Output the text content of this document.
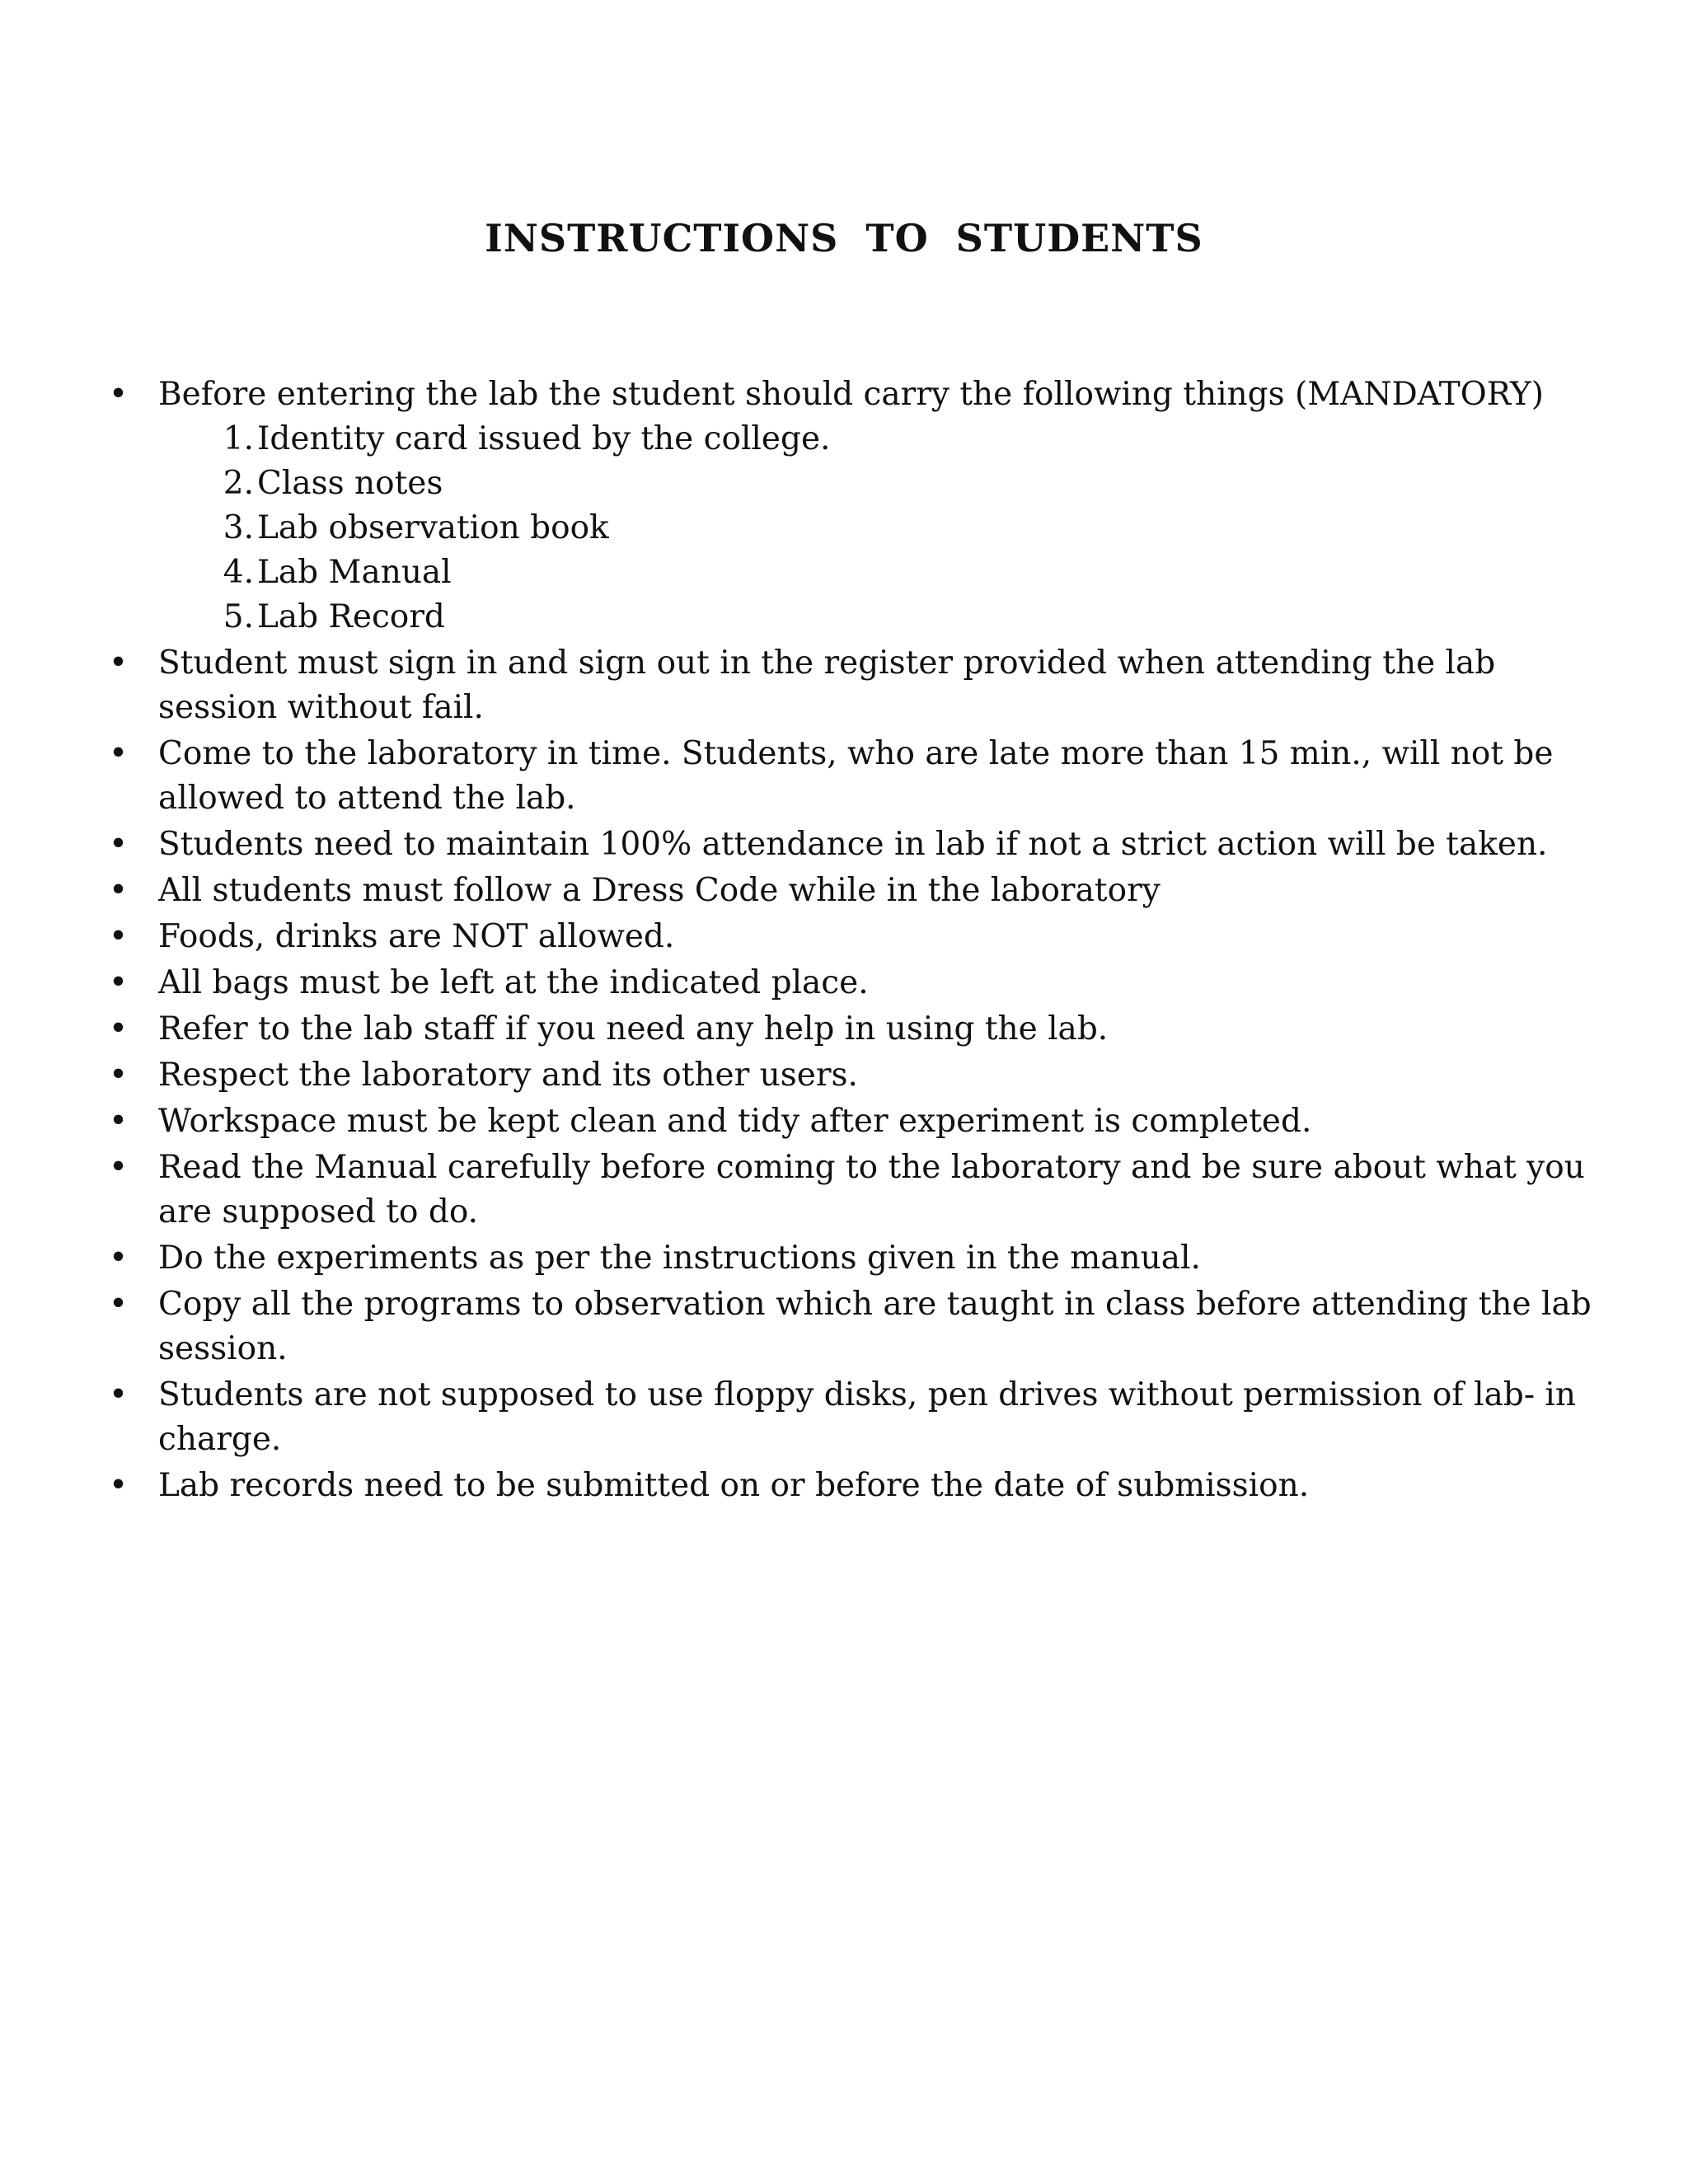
INSTRUCTIONS TO STUDENTS
• Before entering the lab the student should carry the following things (MANDATORY)
1. Identity card issued by the college.
2. Class notes
3. Lab observation book
4. Lab Manual
5. Lab Record
• Student must sign in and sign out in the register provided when attending the lab session without fail.
• Come to the laboratory in time. Students, who are late more than 15 min., will not be allowed to attend the lab.
• Students need to maintain 100% attendance in lab if not a strict action will be taken.
• All students must follow a Dress Code while in the laboratory
• Foods, drinks are NOT allowed.
• All bags must be left at the indicated place.
• Refer to the lab staff if you need any help in using the lab.
• Respect the laboratory and its other users.
• Workspace must be kept clean and tidy after experiment is completed.
• Read the Manual carefully before coming to the laboratory and be sure about what you are supposed to do.
• Do the experiments as per the instructions given in the manual.
• Copy all the programs to observation which are taught in class before attending the lab session.
• Students are not supposed to use floppy disks, pen drives without permission of lab- in charge.
• Lab records need to be submitted on or before the date of submission.
